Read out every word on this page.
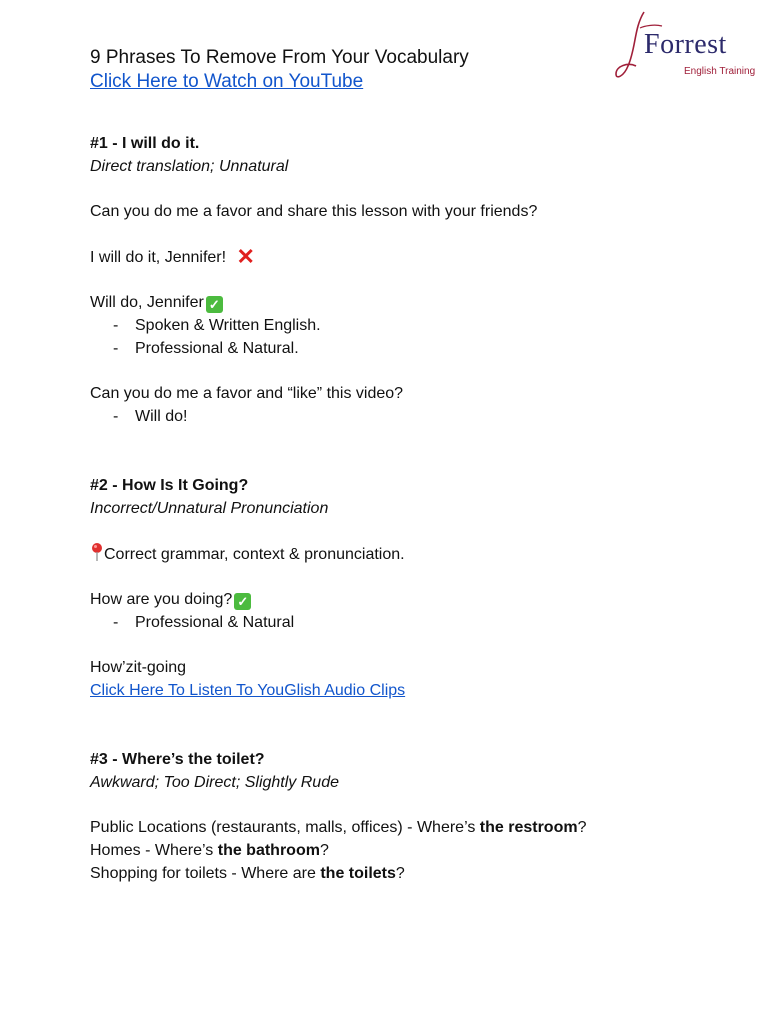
9 Phrases To Remove From Your Vocabulary
Click Here to Watch on YouTube
Forrest
English Training

#1 - I will do it.

Direct translation; Unnatural

Can you do me a favor and share this lesson with your friends?

I will do it, Jennifer! ✕

Will do, Jennifer ✓

- Spoken & Written English.
- Professional & Natural.

Can you do me a favor and “like” this video?

- Will do!

#2 - How Is It Going?

Incorrect/Unnatural Pronunciation

Correct grammar, context & pronunciation.

How are you doing? ✓

- Professional & Natural

How’zit-going

Click Here To Listen To YouGlish Audio Clips

#3 - Where’s the toilet?

Awkward; Too Direct; Slightly Rude

Public Locations (restaurants, malls, offices) - Where’s the restroom?

Homes - Where’s the bathroom?

Shopping for toilets - Where are the toilets?
